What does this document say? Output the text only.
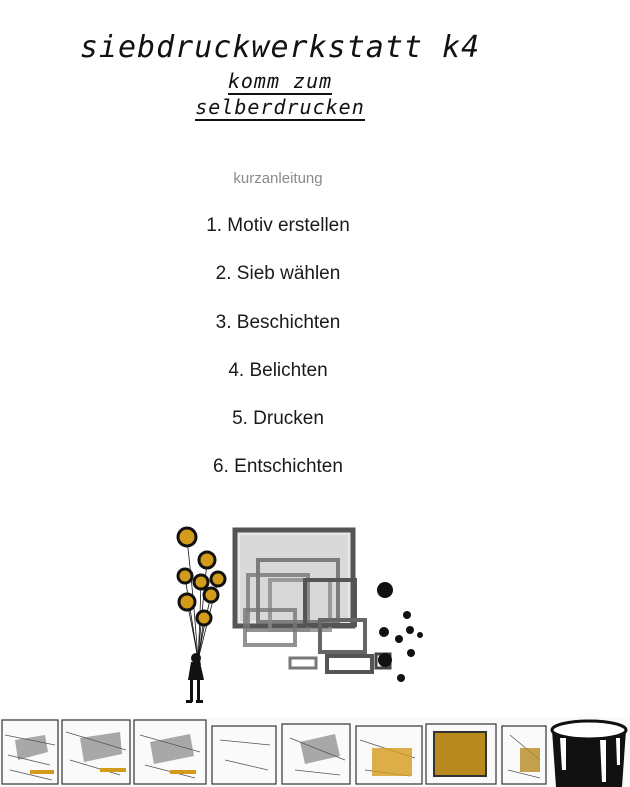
siebdruckwerkstatt k4
komm zum
selberdrucken
kurzanleitung
1. Motiv erstellen
2. Sieb wählen
3. Beschichten
4. Belichten
5. Drucken
6. Entschichten
